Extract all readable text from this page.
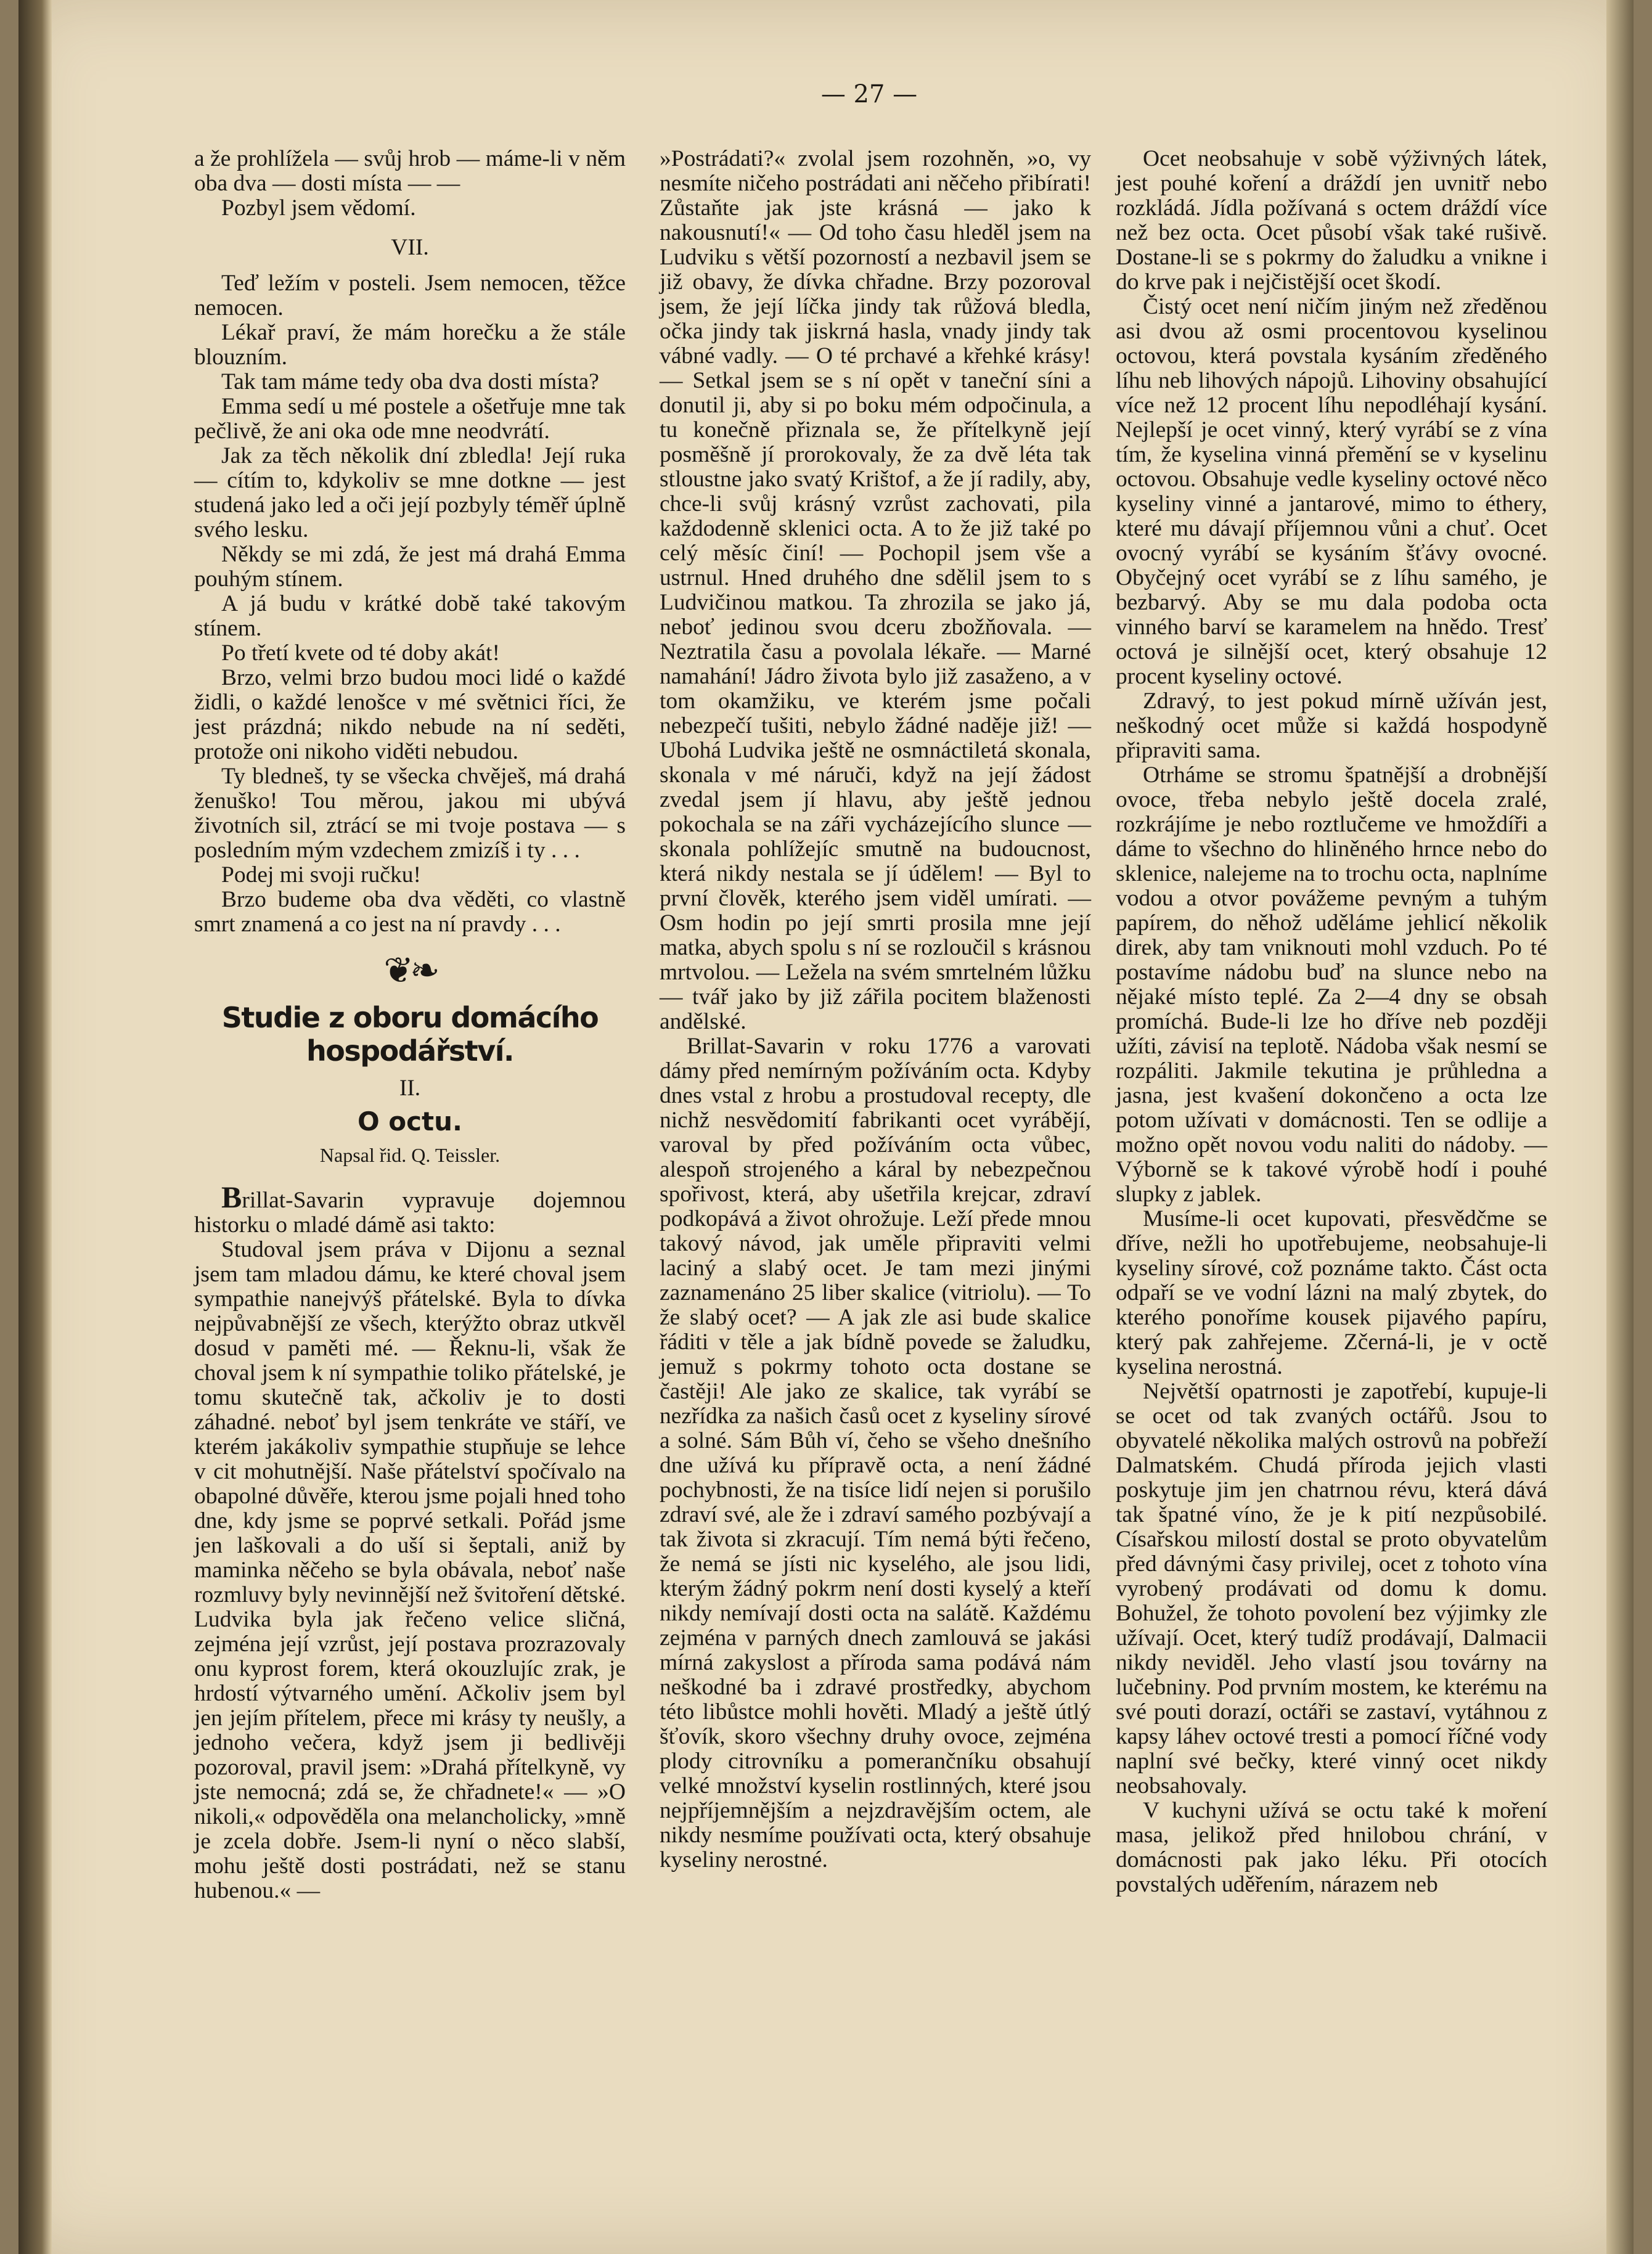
— 27 —

a že prohlížela — svůj hrob — máme-li v něm oba dva — dosti místa — —

Pozbyl jsem vědomí.

VII.

Teď ležím v posteli. Jsem nemocen, těžce nemocen.

Lékař praví, že mám horečku a že stále blouzním.

Tak tam máme tedy oba dva dosti místa?

Emma sedí u mé postele a ošetřuje mne tak pečlivě, že ani oka ode mne neodvrátí.

Jak za těch několik dní zbledla! Její ruka — cítím to, kdykoliv se mne dotkne — jest studená jako led a oči její pozbyly téměř úplně svého lesku.

Někdy se mi zdá, že jest má drahá Emma pouhým stínem.

A já budu v krátké době také takovým stínem.

Po třetí kvete od té doby akát!

Brzo, velmi brzo budou moci lidé o každé židli, o každé lenošce v mé světnici říci, že jest prázdná; nikdo nebude na ní seděti, protože oni nikoho viděti nebudou.

Ty bledneš, ty se všecka chvěješ, má drahá ženuško! Tou měrou, jakou mi ubývá životních sil, ztrácí se mi tvoje postava — s posledním mým vzdechem zmizíš i ty . . .

Podej mi svoji ručku!

Brzo budeme oba dva věděti, co vlastně smrt znamená a co jest na ní pravdy . . .

❦❧

Studie z oboru domácího hospodářství.

II.

O octu.

Napsal řid. Q. Teissler.

Brillat-Savarin vypravuje dojemnou historku o mladé dámě asi takto:

Studoval jsem práva v Dijonu a seznal jsem tam mladou dámu, ke které choval jsem sympathie nanejvýš přátelské. Byla to dívka nejpůvabnější ze všech, kterýžto obraz utkvěl dosud v paměti mé. — Řeknu-li, však že choval jsem k ní sympathie toliko přátelské, je tomu skutečně tak, ačkoliv je to dosti záhadné. neboť byl jsem tenkráte ve stáří, ve kterém jakákoliv sympathie stupňuje se lehce v cit mohutnější. Naše přátelství spočívalo na obapolné důvěře, kterou jsme pojali hned toho dne, kdy jsme se poprvé setkali. Pořád jsme jen laškovali a do uší si šeptali, aniž by maminka něčeho se byla obávala, neboť naše rozmluvy byly nevinnější než švitoření dětské. Ludvika byla jak řečeno velice sličná, zejména její vzrůst, její postava prozrazovaly onu kyprost forem, která okouzlujíc zrak, je hrdostí výtvarného umění. Ačkoliv jsem byl jen jejím přítelem, přece mi krásy ty neušly, a jednoho večera, když jsem ji bedlivěji pozoroval, pravil jsem: »Drahá přítelkyně, vy jste nemocná; zdá se, že chřadnete!« — »O nikoli,« odpověděla ona melancholicky, »mně je zcela dobře. Jsem-li nyní o něco slabší, mohu ještě dosti postrádati, než se stanu hubenou.« —

»Postrádati?« zvolal jsem rozohněn, »o, vy nesmíte ničeho postrádati ani něčeho přibírati! Zůstaňte jak jste krásná — jako k nakousnutí!« — Od toho času hleděl jsem na Ludviku s větší pozorností a nezbavil jsem se již obavy, že dívka chřadne. Brzy pozoroval jsem, že její líčka jindy tak růžová bledla, očka jindy tak jiskrná hasla, vnady jindy tak vábné vadly. — O té prchavé a křehké krásy! — Setkal jsem se s ní opět v taneční síni a donutil ji, aby si po boku mém odpočinula, a tu konečně přiznala se, že přítelkyně její posměšně jí prorokovaly, že za dvě léta tak stloustne jako svatý Krištof, a že jí radily, aby, chce-li svůj krásný vzrůst zachovati, pila každodenně sklenici octa. A to že již také po celý měsíc činí! — Pochopil jsem vše a ustrnul. Hned druhého dne sdělil jsem to s Ludvičinou matkou. Ta zhrozila se jako já, neboť jedinou svou dceru zbožňovala. — Neztratila času a povolala lékaře. — Marné namahání! Jádro života bylo již zasaženo, a v tom okamžiku, ve kterém jsme počali nebezpečí tušiti, nebylo žádné naděje již! — Ubohá Ludvika ještě ne osmnáctiletá skonala, skonala v mé náruči, když na její žádost zvedal jsem jí hlavu, aby ještě jednou pokochala se na záři vycházejícího slunce — skonala pohlížejíc smutně na budoucnost, která nikdy nestala se jí údělem! — Byl to první člověk, kterého jsem viděl umírati. — Osm hodin po její smrti prosila mne její matka, abych spolu s ní se rozloučil s krásnou mrtvolou. — Ležela na svém smrtelném lůžku — tvář jako by již zářila pocitem blaženosti andělské.

Brillat-Savarin v roku 1776 a varovati dámy před nemírným požíváním octa. Kdyby dnes vstal z hrobu a prostudoval recepty, dle nichž nesvědomití fabrikanti ocet vyrábějí, varoval by před požíváním octa vůbec, alespoň strojeného a káral by nebezpečnou spořivost, která, aby ušetřila krejcar, zdraví podkopává a život ohrožuje. Leží přede mnou takový návod, jak uměle připraviti velmi laciný a slabý ocet. Je tam mezi jinými zaznamenáno 25 liber skalice (vitriolu). — To že slabý ocet? — A jak zle asi bude skalice řáditi v těle a jak bídně povede se žaludku, jemuž s pokrmy tohoto octa dostane se častěji! Ale jako ze skalice, tak vyrábí se nezřídka za našich časů ocet z kyseliny sírové a solné. Sám Bůh ví, čeho se všeho dnešního dne užívá ku přípravě octa, a není žádné pochybnosti, že na tisíce lidí nejen si porušilo zdraví své, ale že i zdraví samého pozbývají a tak života si zkracují. Tím nemá býti řečeno, že nemá se jísti nic kyselého, ale jsou lidi, kterým žádný pokrm není dosti kyselý a kteří nikdy nemívají dosti octa na salátě. Každému zejména v parných dnech zamlouvá se jakási mírná zakyslost a příroda sama podává nám neškodné ba i zdravé prostředky, abychom této libůstce mohli hověti. Mladý a ještě útlý šťovík, skoro všechny druhy ovoce, zejména plody citrovníku a pomerančníku obsahují velké množství kyselin rostlinných, které jsou nejpříjemnějším a nejzdravějším octem, ale nikdy nesmíme používati octa, který obsahuje kyseliny nerostné.

Ocet neobsahuje v sobě výživných látek, jest pouhé koření a dráždí jen uvnitř nebo rozkládá. Jídla požívaná s octem dráždí více než bez octa. Ocet působí však také rušivě. Dostane-li se s pokrmy do žaludku a vnikne i do krve pak i nejčistější ocet škodí.

Čistý ocet není ničím jiným než zředěnou asi dvou až osmi procentovou kyselinou octovou, která povstala kysáním zředěného líhu neb lihových nápojů. Lihoviny obsahující více než 12 procent líhu nepodléhají kysání. Nejlepší je ocet vinný, který vyrábí se z vína tím, že kyselina vinná přemění se v kyselinu octovou. Obsahuje vedle kyseliny octové něco kyseliny vinné a jantarové, mimo to éthery, které mu dávají příjemnou vůni a chuť. Ocet ovocný vyrábí se kysáním šťávy ovocné. Obyčejný ocet vyrábí se z líhu samého, je bezbarvý. Aby se mu dala podoba octa vinného barví se karamelem na hnědo. Tresť octová je silnější ocet, který obsahuje 12 procent kyseliny octové.

Zdravý, to jest pokud mírně užíván jest, neškodný ocet může si každá hospodyně připraviti sama.

Otrháme se stromu špatnější a drobnější ovoce, třeba nebylo ještě docela zralé, rozkrájíme je nebo roztlučeme ve hmoždíři a dáme to všechno do hliněného hrnce nebo do sklenice, nalejeme na to trochu octa, naplníme vodou a otvor povážeme pevným a tuhým papírem, do něhož uděláme jehlicí několik direk, aby tam vniknouti mohl vzduch. Po té postavíme nádobu buď na slunce nebo na nějaké místo teplé. Za 2—4 dny se obsah promíchá. Bude-li lze ho dříve neb později užíti, závisí na teplotě. Nádoba však nesmí se rozpáliti. Jakmile tekutina je průhledna a jasna, jest kvašení dokončeno a octa lze potom užívati v domácnosti. Ten se odlije a možno opět novou vodu naliti do nádoby. — Výborně se k takové výrobě hodí i pouhé slupky z jablek.

Musíme-li ocet kupovati, přesvědčme se dříve, nežli ho upotřebujeme, neobsahuje-li kyseliny sírové, což poznáme takto. Část octa odpaří se ve vodní lázni na malý zbytek, do kterého ponoříme kousek pijavého papíru, který pak zahřejeme. Zčerná-li, je v octě kyselina nerostná.

Největší opatrnosti je zapotřebí, kupuje-li se ocet od tak zvaných octářů. Jsou to obyvatelé několika malých ostrovů na pobřeží Dalmatském. Chudá příroda jejich vlasti poskytuje jim jen chatrnou révu, která dává tak špatné víno, že je k pití nezpůsobilé. Císařskou milostí dostal se proto obyvatelům před dávnými časy privilej, ocet z tohoto vína vyrobený prodávati od domu k domu. Bohužel, že tohoto povolení bez výjimky zle užívají. Ocet, který tudíž prodávají, Dalmacii nikdy neviděl. Jeho vlastí jsou továrny na lučebniny. Pod prvním mostem, ke kterému na své pouti dorazí, octáři se zastaví, vytáhnou z kapsy láhev octové tresti a pomocí říčné vody naplní své bečky, které vinný ocet nikdy neobsahovaly.

V kuchyni užívá se octu také k moření masa, jelikož před hnilobou chrání, v domácnosti pak jako léku. Při otocích povstalých uděřením, nárazem neb
